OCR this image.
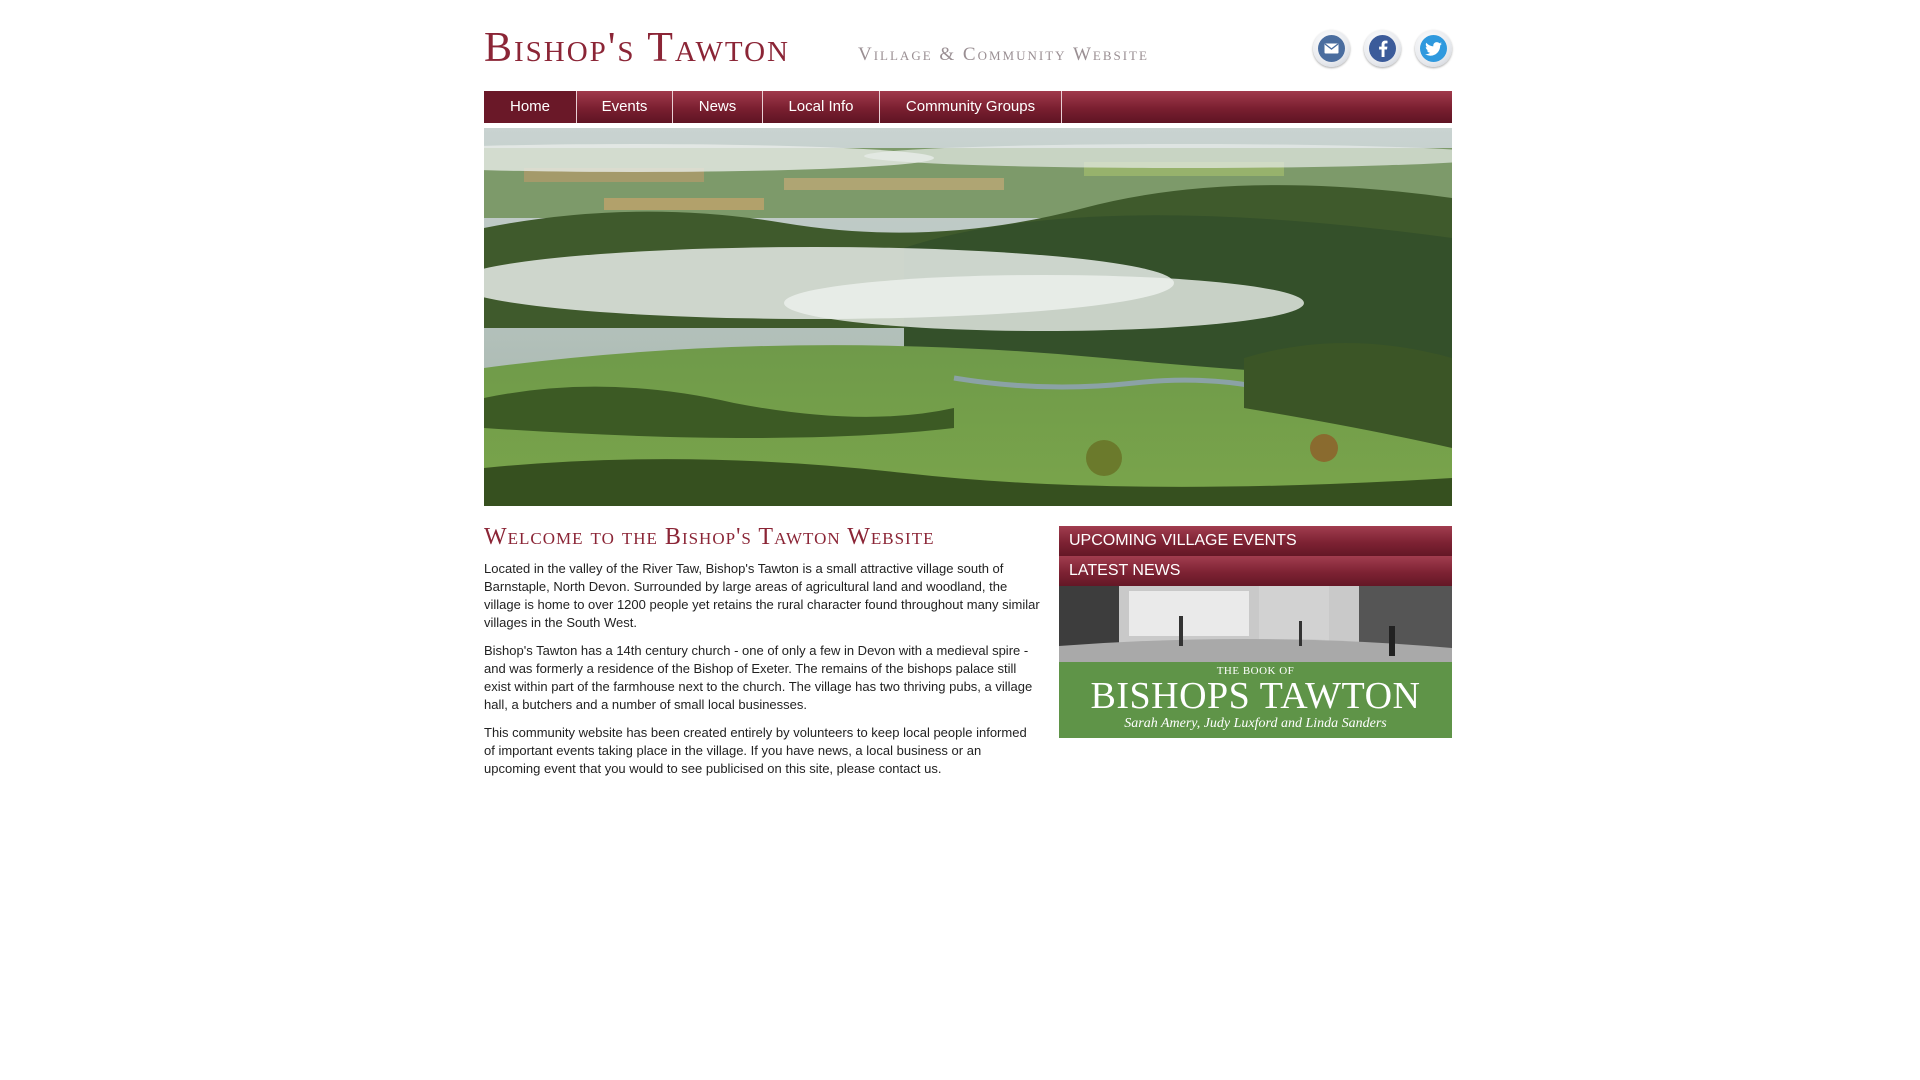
Bishop's Tawton	Village & Community Website
Home	Events	News	Local Info	Community Groups
Welcome to the Bishop's Tawton Website

Located in the valley of the River Taw, Bishop's Tawton is a small attractive village south of Barnstaple, North Devon. Surrounded by large areas of agricultural land and woodland, the village is home to over 1200 people yet retains the rural character found throughout many similar villages in the South West.

Bishop's Tawton has a 14th century church - one of only a few in Devon with a medieval spire - and was formerly a residence of the Bishop of Exeter. The remains of the bishops palace still exist within part of the farmhouse next to the church. The village has two thriving pubs, a village hall, a butchers and a number of small local businesses.

This community website has been created entirely by volunteers to keep local people informed of important events taking place in the village. If you have news, a local business or an upcoming event that you would to see publicised on this site, please contact us.

UPCOMING VILLAGE EVENTS
LATEST NEWS
THE BOOK OF
BISHOPS TAWTON
Sarah Amery, Judy Luxford and Linda Sanders
